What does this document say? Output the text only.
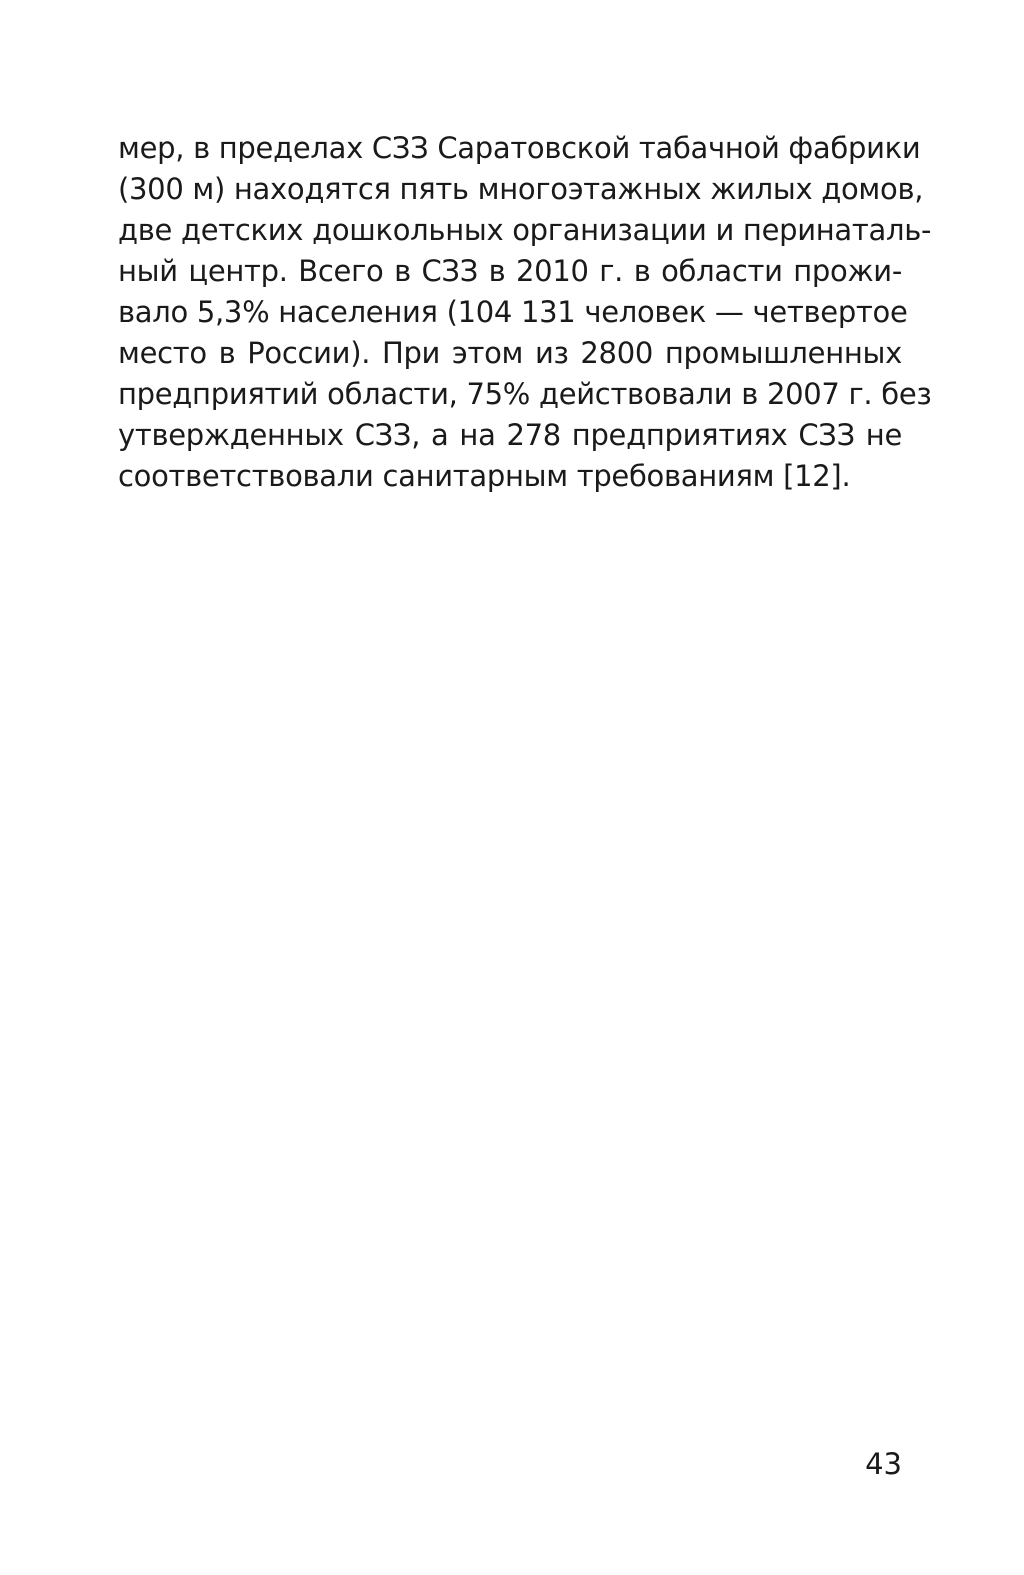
мер, в пределах СЗЗ Саратовской табачной фабрики
(300 м) находятся пять многоэтажных жилых домов,
две детских дошкольных организации и перинаталь-
ный центр. Всего в СЗЗ в 2010 г. в области прожи-
вало 5,3% населения (104 131 человек — четвертое
место в России). При этом из 2800 промышленных
предприятий области, 75% действовали в 2007 г. без
утвержденных СЗЗ, а на 278 предприятиях СЗЗ не
соответствовали санитарным требованиям [12].
43
